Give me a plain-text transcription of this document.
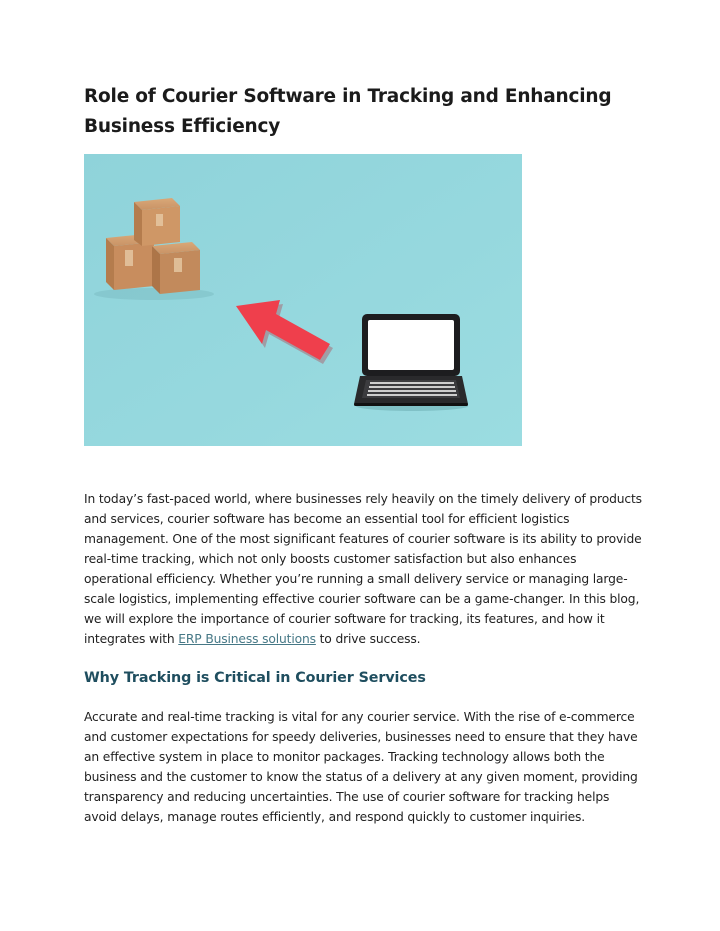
Role of Courier Software in Tracking and Enhancing Business Efficiency

In today’s fast-paced world, where businesses rely heavily on the timely delivery of products and services, courier software has become an essential tool for efficient logistics management. One of the most significant features of courier software is its ability to provide real-time tracking, which not only boosts customer satisfaction but also enhances operational efficiency. Whether you’re running a small delivery service or managing large-scale logistics, implementing effective courier software can be a game-changer. In this blog, we will explore the importance of courier software for tracking, its features, and how it integrates with ERP Business solutions to drive success.

Why Tracking is Critical in Courier Services

Accurate and real-time tracking is vital for any courier service. With the rise of e-commerce and customer expectations for speedy deliveries, businesses need to ensure that they have an effective system in place to monitor packages. Tracking technology allows both the business and the customer to know the status of a delivery at any given moment, providing transparency and reducing uncertainties. The use of courier software for tracking helps avoid delays, manage routes efficiently, and respond quickly to customer inquiries.
